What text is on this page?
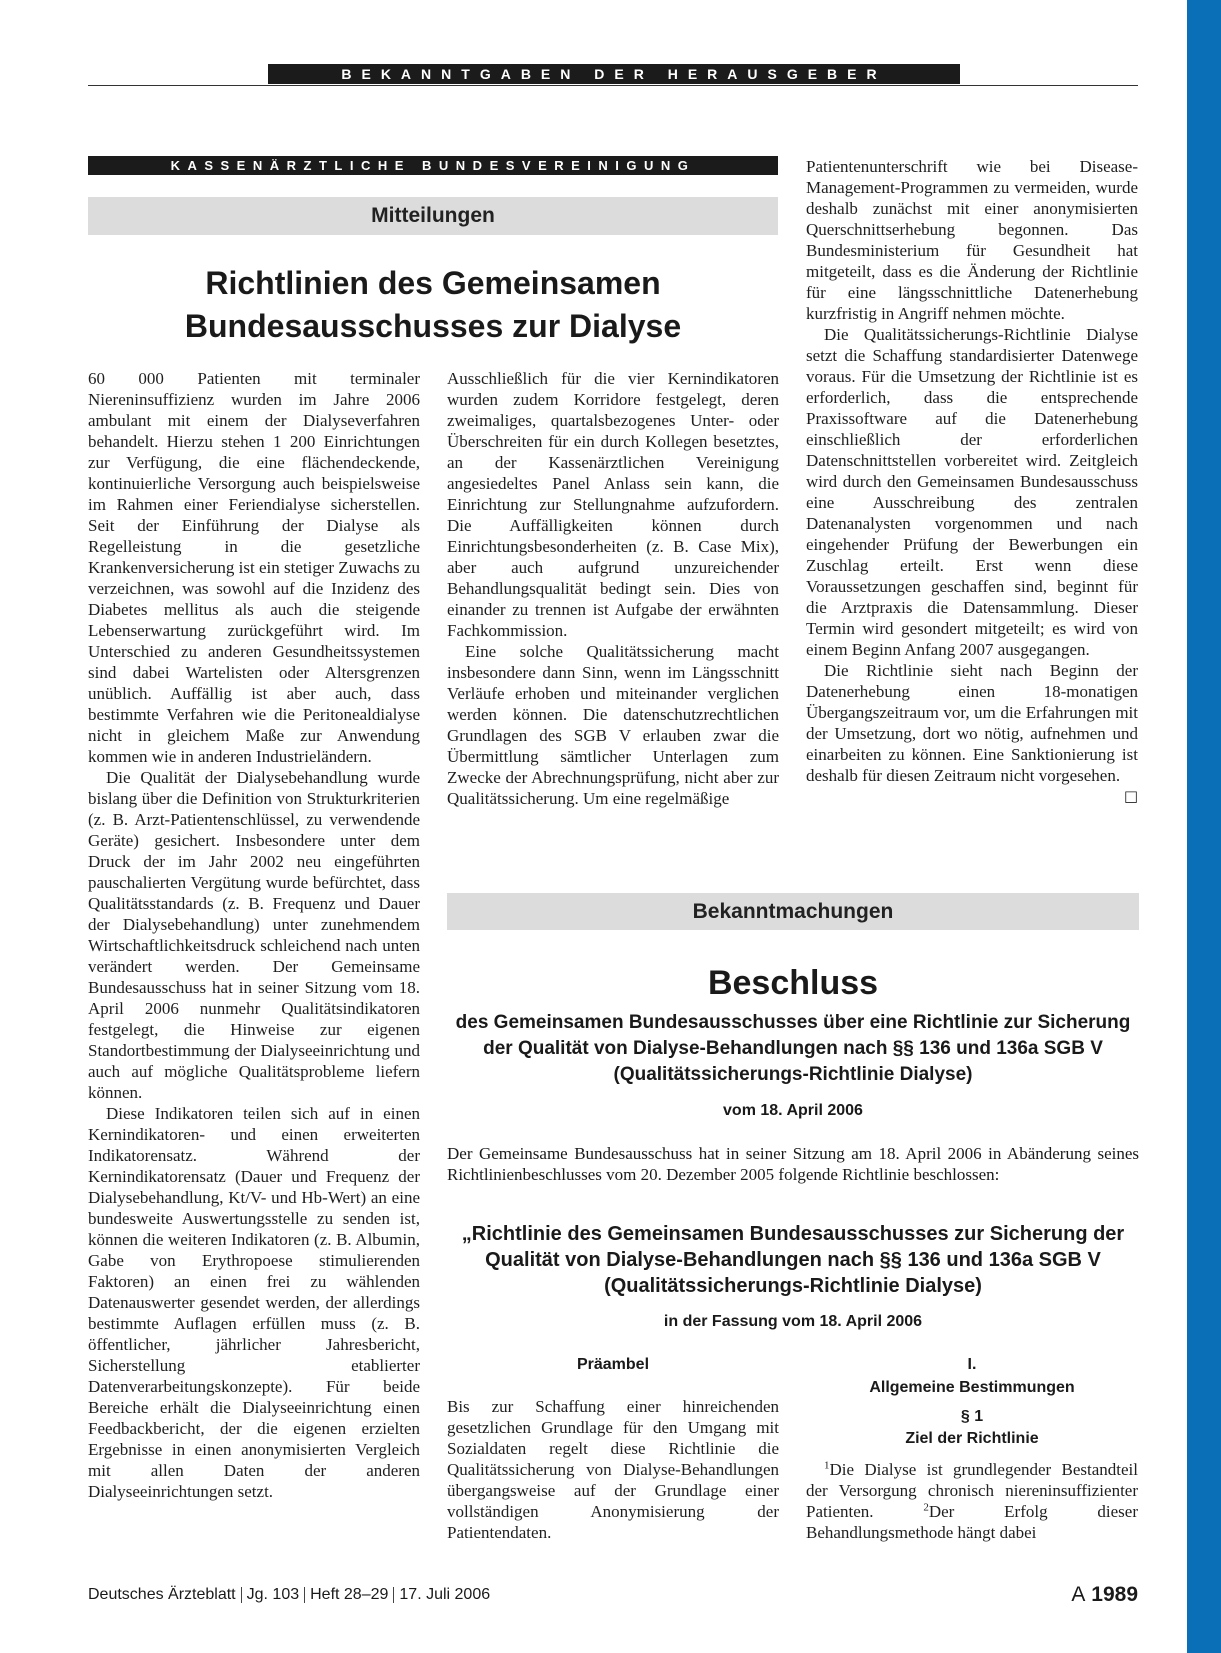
BEKANNTGABEN DER HERAUSGEBER
KASSENÄRZTLICHE BUNDESVEREINIGUNG
Mitteilungen
Richtlinien des Gemeinsamen
Bundesausschusses zur Dialyse

60 000 Patienten mit terminaler Niereninsuffizienz wurden im Jahre 2006 ambulant mit einem der Dialyseverfahren behandelt. Hierzu stehen 1 200 Einrichtungen zur Verfügung, die eine flächendeckende, kontinuierliche Versorgung auch beispielsweise im Rahmen einer Feriendialyse sicherstellen. Seit der Einführung der Dialyse als Regelleistung in die gesetzliche Krankenversicherung ist ein stetiger Zuwachs zu verzeichnen, was sowohl auf die Inzidenz des Diabetes mellitus als auch die steigende Lebenserwartung zurückgeführt wird. Im Unterschied zu anderen Gesundheitssystemen sind dabei Wartelisten oder Altersgrenzen unüblich. Auffällig ist aber auch, dass bestimmte Verfahren wie die Peritonealdialyse nicht in gleichem Maße zur Anwendung kommen wie in anderen Industrieländern.

Die Qualität der Dialysebehandlung wurde bislang über die Definition von Strukturkriterien (z. B. Arzt-Patientenschlüssel, zu verwendende Geräte) gesichert. Insbesondere unter dem Druck der im Jahr 2002 neu eingeführten pauschalierten Vergütung wurde befürchtet, dass Qualitätsstandards (z. B. Frequenz und Dauer der Dialysebehandlung) unter zunehmendem Wirtschaftlichkeitsdruck schleichend nach unten verändert werden. Der Gemeinsame Bundesausschuss hat in seiner Sitzung vom 18. April 2006 nunmehr Qualitätsindikatoren festgelegt, die Hinweise zur eigenen Standortbestimmung der Dialyseeinrichtung und auch auf mögliche Qualitätsprobleme liefern können.

Diese Indikatoren teilen sich auf in einen Kernindikatoren- und einen erweiterten Indikatorensatz. Während der Kernindikatorensatz (Dauer und Frequenz der Dialysebehandlung, Kt/V- und Hb-Wert) an eine bundesweite Auswertungsstelle zu senden ist, können die weiteren Indikatoren (z. B. Albumin, Gabe von Erythropoese stimulierenden Faktoren) an einen frei zu wählenden Datenauswerter gesendet werden, der allerdings bestimmte Auflagen erfüllen muss (z. B. öffentlicher, jährlicher Jahresbericht, Sicherstellung etablierter Datenverarbeitungskonzepte). Für beide Bereiche erhält die Dialyseeinrichtung einen Feedbackbericht, der die eigenen erzielten Ergebnisse in einen anonymisierten Vergleich mit allen Daten der anderen Dialyseeinrichtungen setzt.

Ausschließlich für die vier Kernindikatoren wurden zudem Korridore festgelegt, deren zweimaliges, quartalsbezogenes Unter- oder Überschreiten für ein durch Kollegen besetztes, an der Kassenärztlichen Vereinigung angesiedeltes Panel Anlass sein kann, die Einrichtung zur Stellungnahme aufzufordern. Die Auffälligkeiten können durch Einrichtungsbesonderheiten (z. B. Case Mix), aber auch aufgrund unzureichender Behandlungsqualität bedingt sein. Dies von einander zu trennen ist Aufgabe der erwähnten Fachkommission.

Eine solche Qualitätssicherung macht insbesondere dann Sinn, wenn im Längsschnitt Verläufe erhoben und miteinander verglichen werden können. Die datenschutzrechtlichen Grundlagen des SGB V erlauben zwar die Übermittlung sämtlicher Unterlagen zum Zwecke der Abrechnungsprüfung, nicht aber zur Qualitätssicherung. Um eine regelmäßige

Patientenunterschrift wie bei Disease-Management-Programmen zu vermeiden, wurde deshalb zunächst mit einer anonymisierten Querschnittserhebung begonnen. Das Bundesministerium für Gesundheit hat mitgeteilt, dass es die Änderung der Richtlinie für eine längsschnittliche Datenerhebung kurzfristig in Angriff nehmen möchte.

Die Qualitätssicherungs-Richtlinie Dialyse setzt die Schaffung standardisierter Datenwege voraus. Für die Umsetzung der Richtlinie ist es erforderlich, dass die entsprechende Praxissoftware auf die Datenerhebung einschließlich der erforderlichen Datenschnittstellen vorbereitet wird. Zeitgleich wird durch den Gemeinsamen Bundesausschuss eine Ausschreibung des zentralen Datenanalysten vorgenommen und nach eingehender Prüfung der Bewerbungen ein Zuschlag erteilt. Erst wenn diese Voraussetzungen geschaffen sind, beginnt für die Arztpraxis die Datensammlung. Dieser Termin wird gesondert mitgeteilt; es wird von einem Beginn Anfang 2007 ausgegangen.

Die Richtlinie sieht nach Beginn der Datenerhebung einen 18-monatigen Übergangszeitraum vor, um die Erfahrungen mit der Umsetzung, dort wo nötig, aufnehmen und einarbeiten zu können. Eine Sanktionierung ist deshalb für diesen Zeitraum nicht vorgesehen.
□

Bekanntmachungen
Beschluss
des Gemeinsamen Bundesausschusses über eine Richtlinie zur Sicherung der Qualität von Dialyse-Behandlungen nach §§ 136 und 136a SGB V (Qualitätssicherungs-Richtlinie Dialyse)
vom 18. April 2006
Der Gemeinsame Bundesausschuss hat in seiner Sitzung am 18. April 2006 in Abänderung seines Richtlinienbeschlusses vom 20. Dezember 2005 folgende Richtlinie beschlossen:
„Richtlinie des Gemeinsamen Bundesausschusses zur Sicherung der Qualität von Dialyse-Behandlungen nach §§ 136 und 136a SGB V (Qualitätssicherungs-Richtlinie Dialyse)
in der Fassung vom 18. April 2006
Präambel

Bis zur Schaffung einer hinreichenden gesetzlichen Grundlage für den Umgang mit Sozialdaten regelt diese Richtlinie die Qualitätssicherung von Dialyse-Behandlungen übergangsweise auf der Grundlage einer vollständigen Anonymisierung der Patientendaten.

I.
Allgemeine Bestimmungen
§ 1
Ziel der Richtlinie

$^1$Die Dialyse ist grundlegender Bestandteil der Versorgung chronisch niereninsuffizienter Patienten. $^2$Der Erfolg dieser Behandlungsmethode hängt dabei

Deutsches Ärzteblatt Jg. 103 Heft 28–29 17. Juli 2006	A 1989
